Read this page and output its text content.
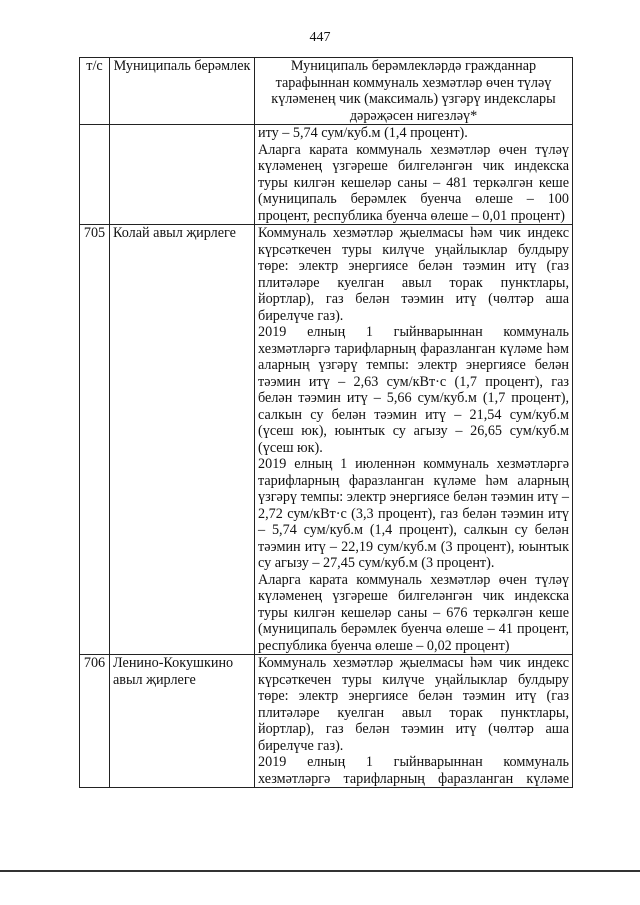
447
т/с	Муниципаль берәмлек	Муниципаль берәмлекләрдә гражданнар тарафыннан коммуналь хезмәтләр өчен түләү күләменең чик (максималь) үзгәрү индекслары дәрәҗәсен нигезләү*

		иту – 5,74 сум/куб.м (1,4 процент).
Аларга карата коммуналь хезмәтләр өчен түләү күләменең үзгәреше билгеләнгән чик индекска туры килгән кешеләр саны – 481 теркәлгән кеше (муниципаль берәмлек буенча өлеше – 100 процент, республика буенча өлеше – 0,01 процент)

705	Колай авыл җирлеге	Коммуналь хезмәтләр җыелмасы һәм чик индекс күрсәткечен туры килүче уңайлыклар булдыру төре: электр энергиясе белән тәэмин итү (газ плитәләре куелган авыл торак пунктлары, йортлар), газ белән тәэмин итү (чөлтәр аша бирелүче газ).
2019 елның 1 гыйнварыннан коммуналь хезмәтләргә тарифларның фаразланган күләме һәм аларның үзгәрү темпы: электр энергиясе белән тәэмин итү – 2,63 сум/кВт·с (1,7 процент), газ белән тәэмин итү – 5,66 сум/куб.м (1,7 процент), салкын су белән тәэмин итү – 21,54 сум/куб.м (үсеш юк), юынтык су агызу – 26,65 сум/куб.м (үсеш юк).
2019 елның 1 июленнән коммуналь хезмәтләргә тарифларның фаразланган күләме һәм аларның үзгәрү темпы: электр энергиясе белән тәэмин итү – 2,72 сум/кВт·с (3,3 процент), газ белән тәэмин итү – 5,74 сум/куб.м (1,4 процент), салкын су белән тәэмин итү – 22,19 сум/куб.м (3 процент), юынтык су агызу – 27,45 сум/куб.м (3 процент).
Аларга карата коммуналь хезмәтләр өчен түләү күләменең үзгәреше билгеләнгән чик индекска туры килгән кешеләр саны – 676 теркәлгән кеше (муниципаль берәмлек буенча өлеше – 41 процент, республика буенча өлеше – 0,02 процент)

706	Ленино-Кокушкино авыл җирлеге	Коммуналь хезмәтләр җыелмасы һәм чик индекс күрсәткечен туры килүче уңайлыклар булдыру төре: электр энергиясе белән тәэмин итү (газ плитәләре куелган авыл торак пунктлары, йортлар), газ белән тәэмин итү (чөлтәр аша бирелүче газ).
2019 елның 1 гыйнварыннан коммуналь хезмәтләргә тарифларның фаразланган күләме
